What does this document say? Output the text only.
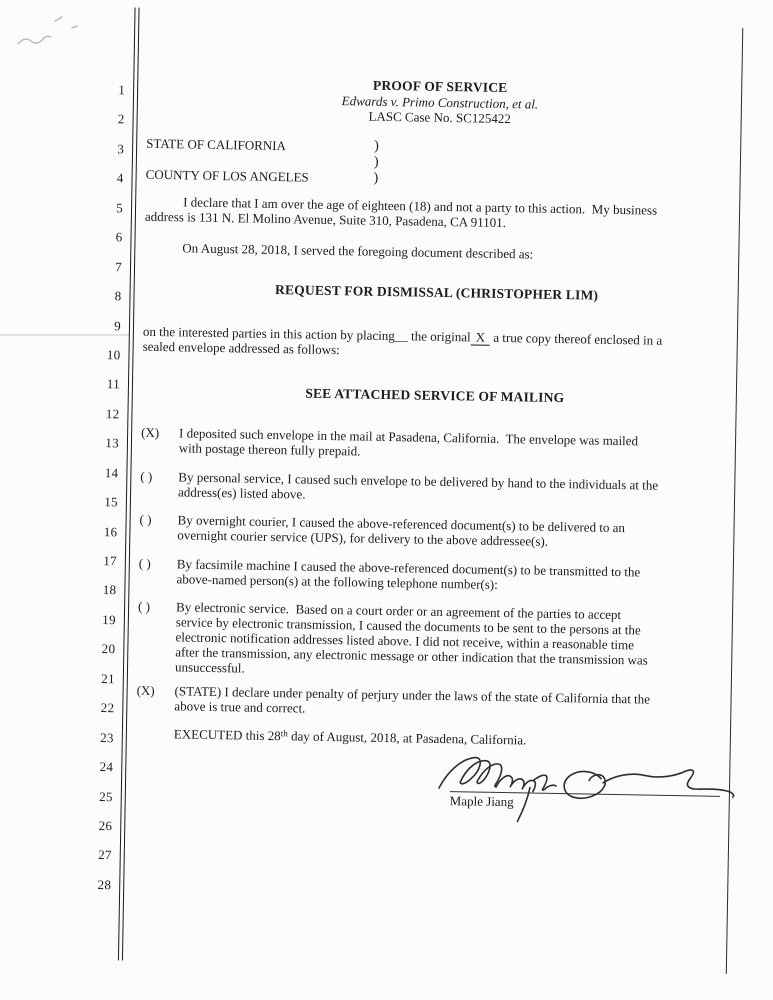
1
2
3
4
5
6
7
8
9
10
11
12
13
14
15
16
17
18
19
20
21
22
23
24
25
26
27
28
PROOF OF SERVICE
Edwards v. Primo Construction, et al.
LASC Case No. SC125422
STATE OF CALIFORNIA
COUNTY OF LOS ANGELES
)
)
)
I declare that I am over the age of eighteen (18) and not a party to this action.  My business
address is 131 N. El Molino Avenue, Suite 310, Pasadena, CA 91101.
On August 28, 2018, I served the foregoing document described as:
REQUEST FOR DISMISSAL (CHRISTOPHER LIM)
on the interested parties in this action by placing__ the original X a true copy thereof enclosed in a
sealed envelope addressed as follows:
SEE ATTACHED SERVICE OF MAILING
(X)	I deposited such envelope in the mail at Pasadena, California.  The envelope was mailed
with postage thereon fully prepaid.
( )	By personal service, I caused such envelope to be delivered by hand to the individuals at the
address(es) listed above.
( )	By overnight courier, I caused the above-referenced document(s) to be delivered to an
overnight courier service (UPS), for delivery to the above addressee(s).
( )	By facsimile machine I caused the above-referenced document(s) to be transmitted to the
above-named person(s) at the following telephone number(s):
( )	By electronic service.  Based on a court order or an agreement of the parties to accept
service by electronic transmission, I caused the documents to be sent to the persons at the
electronic notification addresses listed above. I did not receive, within a reasonable time
after the transmission, any electronic message or other indication that the transmission was
unsuccessful.
(X)	(STATE) I declare under penalty of perjury under the laws of the state of California that the
above is true and correct.
EXECUTED this 28th day of August, 2018, at Pasadena, California.
Maple Jiang
